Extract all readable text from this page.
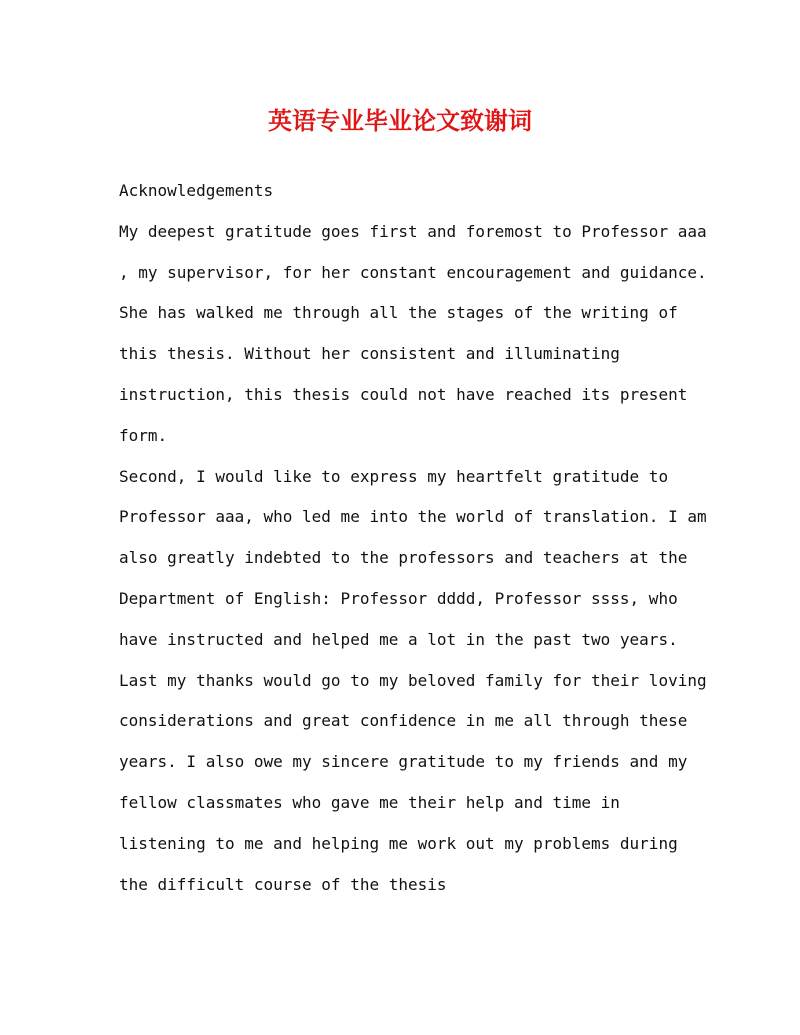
英语专业毕业论文致谢词
Acknowledgements
My deepest gratitude goes first and foremost to Professor aaa
, my supervisor, for her constant encouragement and guidance.
She has walked me through all the stages of the writing of
this thesis. Without her consistent and illuminating
instruction, this thesis could not have reached its present
form.
Second, I would like to express my heartfelt gratitude to
Professor aaa, who led me into the world of translation. I am
also greatly indebted to the professors and teachers at the
Department of English: Professor dddd, Professor ssss, who
have instructed and helped me a lot in the past two years.
Last my thanks would go to my beloved family for their loving
considerations and great confidence in me all through these
years. I also owe my sincere gratitude to my friends and my
fellow classmates who gave me their help and time in
listening to me and helping me work out my problems during
the difficult course of the thesis
